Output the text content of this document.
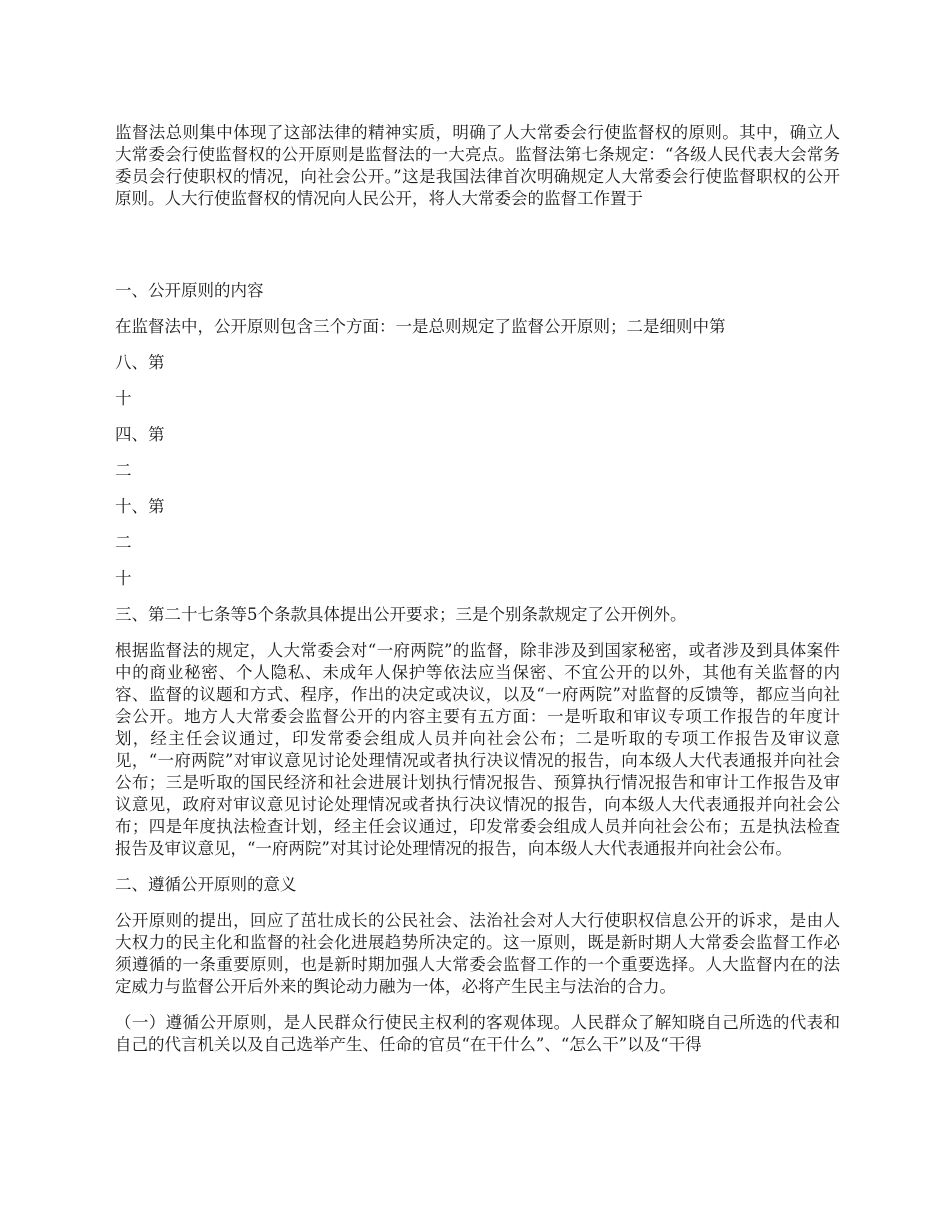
监督法总则集中体现了这部法律的精神实质，明确了人大常委会行使监督权的原则。其中，确立人大常委会行使监督权的公开原则是监督法的一大亮点。监督法第七条规定：“各级人民代表大会常务委员会行使职权的情况，向社会公开。”这是我国法律首次明确规定人大常委会行使监督职权的公开原则。人大行使监督权的情况向人民公开，将人大常委会的监督工作置于

一、公开原则的内容

在监督法中，公开原则包含三个方面：一是总则规定了监督公开原则；二是细则中第

八、第

十

四、第

二

十、第

二

十

三、第二十七条等5个条款具体提出公开要求；三是个别条款规定了公开例外。

根据监督法的规定，人大常委会对“一府两院”的监督，除非涉及到国家秘密，或者涉及到具体案件中的商业秘密、个人隐私、未成年人保护等依法应当保密、不宜公开的以外，其他有关监督的内容、监督的议题和方式、程序，作出的决定或决议，以及“一府两院”对监督的反馈等，都应当向社会公开。地方人大常委会监督公开的内容主要有五方面：一是听取和审议专项工作报告的年度计划，经主任会议通过，印发常委会组成人员并向社会公布；二是听取的专项工作报告及审议意见，“一府两院”对审议意见讨论处理情况或者执行决议情况的报告，向本级人大代表通报并向社会公布；三是听取的国民经济和社会进展计划执行情况报告、预算执行情况报告和审计工作报告及审议意见，政府对审议意见讨论处理情况或者执行决议情况的报告，向本级人大代表通报并向社会公布；四是年度执法检查计划，经主任会议通过，印发常委会组成人员并向社会公布；五是执法检查报告及审议意见，“一府两院”对其讨论处理情况的报告，向本级人大代表通报并向社会公布。

二、遵循公开原则的意义

公开原则的提出，回应了茁壮成长的公民社会、法治社会对人大行使职权信息公开的诉求，是由人大权力的民主化和监督的社会化进展趋势所决定的。这一原则，既是新时期人大常委会监督工作必须遵循的一条重要原则，也是新时期加强人大常委会监督工作的一个重要选择。人大监督内在的法定威力与监督公开后外来的舆论动力融为一体，必将产生民主与法治的合力。

（一）遵循公开原则，是人民群众行使民主权利的客观体现。人民群众了解知晓自己所选的代表和自己的代言机关以及自己选举产生、任命的官员“在干什么”、“怎么干”以及“干得
